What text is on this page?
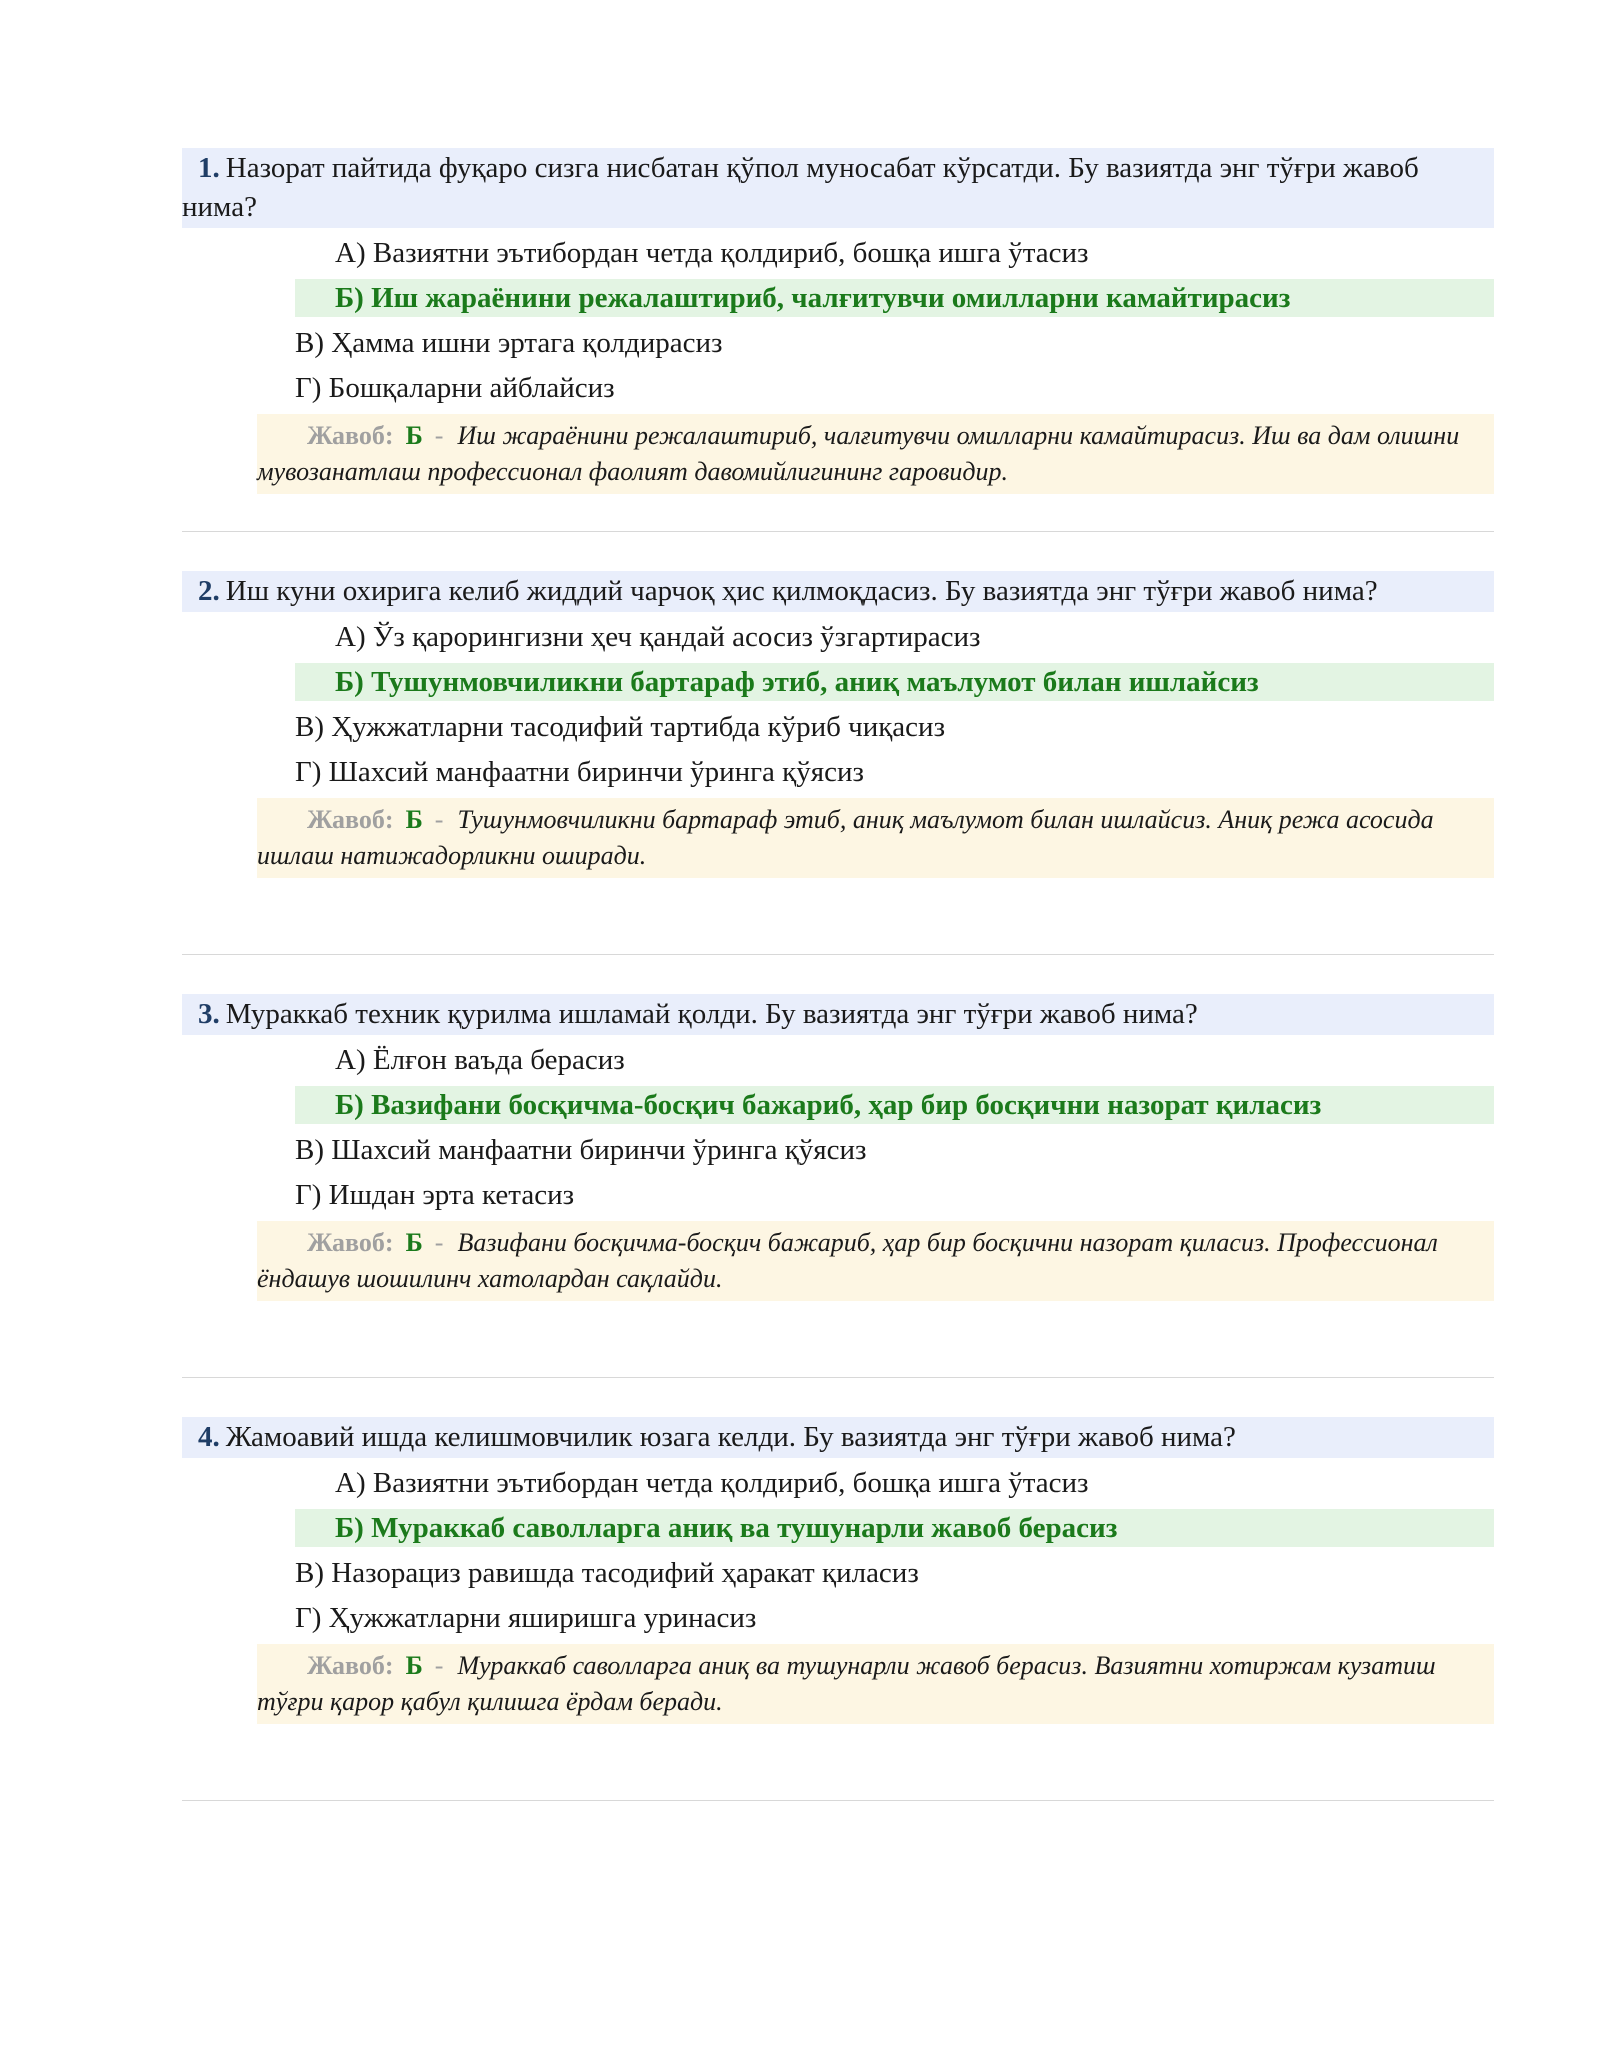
1. Назорат пайтида фуқаро сизга нисбатан қўпол муносабат кўрсатди. Бу вазиятда энг тўғри жавоб нима?
А) Вазиятни эътибордан четда қолдириб, бошқа ишга ўтасиз
Б) Иш жараёнини режалаштириб, чалғитувчи омилларни камайтирасиз
В) Ҳамма ишни эртага қолдирасиз
Г) Бошқаларни айблайсиз
Жавоб: Б - Иш жараёнини режалаштириб, чалғитувчи омилларни камайтирасиз. Иш ва дам олишни мувозанатлаш профессионал фаолият давомийлигининг гаровидир.
2. Иш куни охирига келиб жиддий чарчоқ ҳис қилмоқдасиз. Бу вазиятда энг тўғри жавоб нима?
А) Ўз қарорингизни ҳеч қандай асосиз ўзгартирасиз
Б) Тушунмовчиликни бартараф этиб, аниқ маълумот билан ишлайсиз
В) Ҳужжатларни тасодифий тартибда кўриб чиқасиз
Г) Шахсий манфаатни биринчи ўринга қўясиз
Жавоб: Б - Тушунмовчиликни бартараф этиб, аниқ маълумот билан ишлайсиз. Аниқ режа асосида ишлаш натижадорликни оширади.
3. Мураккаб техник қурилма ишламай қолди. Бу вазиятда энг тўғри жавоб нима?
А) Ёлғон ваъда берасиз
Б) Вазифани босқичма-босқич бажариб, ҳар бир босқични назорат қиласиз
В) Шахсий манфаатни биринчи ўринга қўясиз
Г) Ишдан эрта кетасиз
Жавоб: Б - Вазифани босқичма-босқич бажариб, ҳар бир босқични назорат қиласиз. Профессионал ёндашув шошилинч хатолардан сақлайди.
4. Жамоавий ишда келишмовчилик юзага келди. Бу вазиятда энг тўғри жавоб нима?
А) Вазиятни эътибордан четда қолдириб, бошқа ишга ўтасиз
Б) Мураккаб саволларга аниқ ва тушунарли жавоб берасиз
В) Назорациз равишда тасодифий ҳаракат қиласиз
Г) Ҳужжатларни яширишга уринасиз
Жавоб: Б - Мураккаб саволларга аниқ ва тушунарли жавоб берасиз. Вазиятни хотиржам кузатиш тўғри қарор қабул қилишга ёрдам беради.
